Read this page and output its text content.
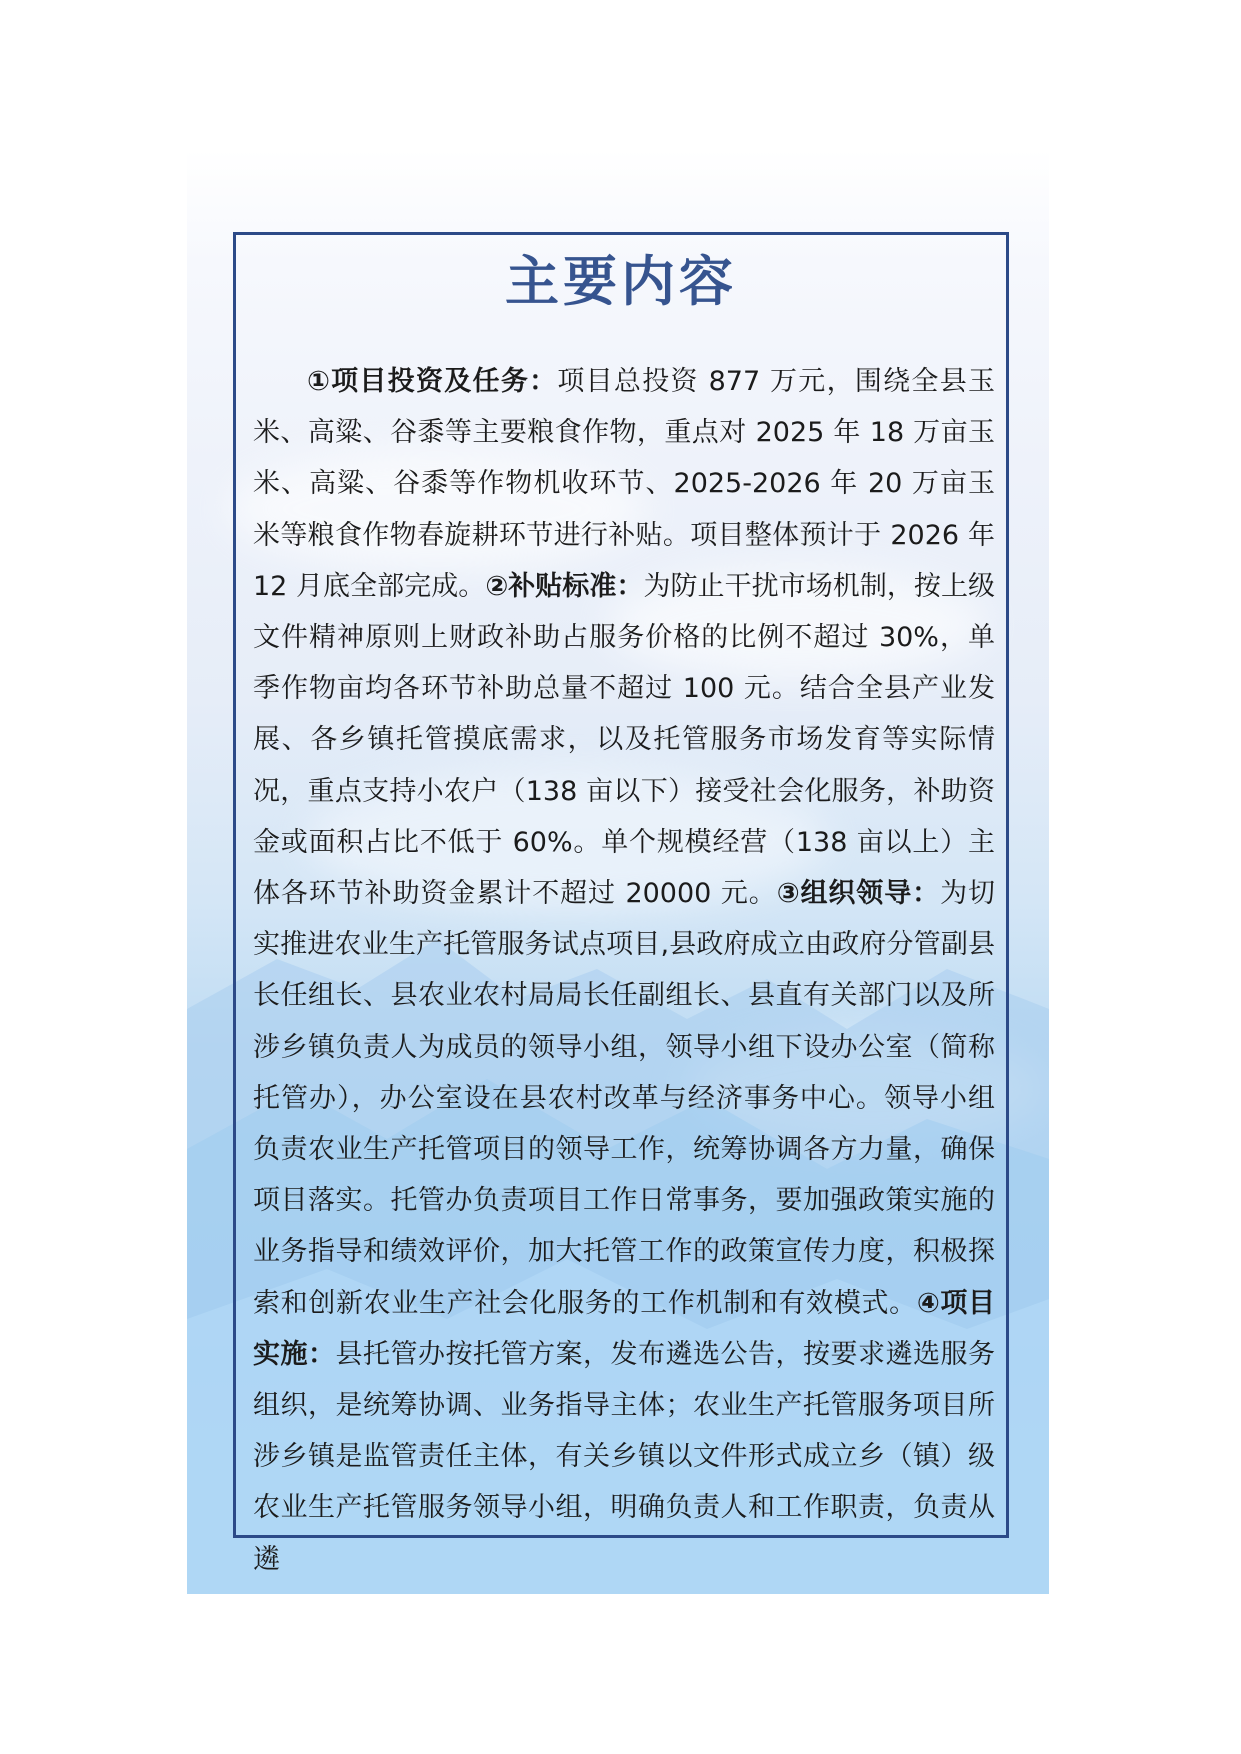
主要内容

①项目投资及任务：项目总投资 877 万元，围绕全县玉米、高粱、谷黍等主要粮食作物，重点对 2025 年 18 万亩玉米、高粱、谷黍等作物机收环节、2025-2026 年 20 万亩玉米等粮食作物春旋耕环节进行补贴。项目整体预计于 2026 年 12 月底全部完成。②补贴标准：为防止干扰市场机制，按上级文件精神原则上财政补助占服务价格的比例不超过 30%，单季作物亩均各环节补助总量不超过 100 元。结合全县产业发展、各乡镇托管摸底需求，以及托管服务市场发育等实际情况，重点支持小农户（138 亩以下）接受社会化服务，补助资金或面积占比不低于 60%。单个规模经营（138 亩以上）主体各环节补助资金累计不超过 20000 元。③组织领导：为切实推进农业生产托管服务试点项目,县政府成立由政府分管副县长任组长、县农业农村局局长任副组长、县直有关部门以及所涉乡镇负责人为成员的领导小组，领导小组下设办公室（简称托管办），办公室设在县农村改革与经济事务中心。领导小组负责农业生产托管项目的领导工作，统筹协调各方力量，确保项目落实。托管办负责项目工作日常事务，要加强政策实施的业务指导和绩效评价，加大托管工作的政策宣传力度，积极探索和创新农业生产社会化服务的工作机制和有效模式。④项目实施：县托管办按托管方案，发布遴选公告，按要求遴选服务组织，是统筹协调、业务指导主体；农业生产托管服务项目所涉乡镇是监管责任主体，有关乡镇以文件形式成立乡（镇）级农业生产托管服务领导小组，明确负责人和工作职责，负责从遴
